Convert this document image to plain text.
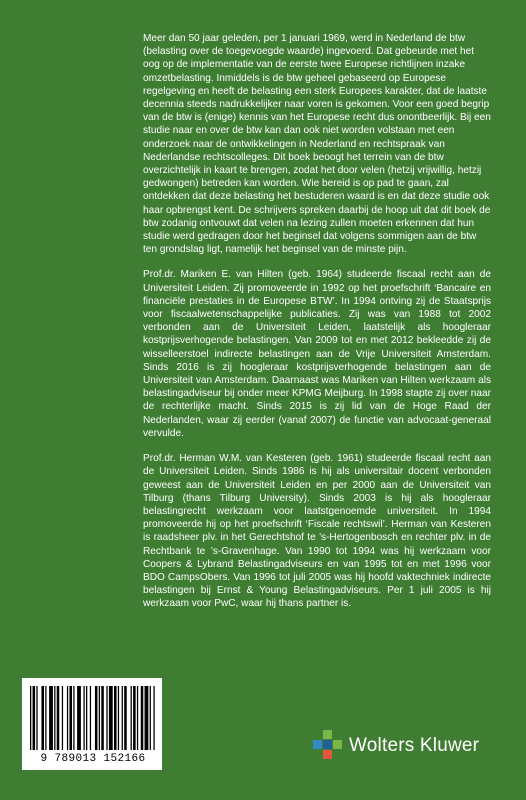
Meer dan 50 jaar geleden, per 1 januari 1969, werd in Nederland de btw (belasting over de toegevoegde waarde) ingevoerd. Dat gebeurde met het oog op de implementatie van de eerste twee Europese richtlijnen inzake omzetbelasting. Inmiddels is de btw geheel gebaseerd op Europese regelgeving en heeft de belasting een sterk Europees karakter, dat de laatste decennia steeds nadrukkelijker naar voren is gekomen. Voor een goed begrip van de btw is (enige) kennis van het Europese recht dus onontbeerlijk. Bij een studie naar en over de btw kan dan ook niet worden volstaan met een onderzoek naar de ontwikkelingen in Nederland en rechtspraak van Nederlandse rechtscolleges. Dit boek beoogt het terrein van de btw overzichtelijk in kaart te brengen, zodat het door velen (hetzij vrijwillig, hetzij gedwongen) betreden kan worden. Wie bereid is op pad te gaan, zal ontdekken dat deze belasting het bestuderen waard is en dat deze studie ook haar opbrengst kent. De schrijvers spreken daarbij de hoop uit dat dit boek de btw zodanig ontvouwt dat velen na lezing zullen moeten erkennen dat hun studie werd gedragen door het beginsel dat volgens sommigen aan de btw ten grondslag ligt, namelijk het beginsel van de minste pijn.

Prof.dr. Mariken E. van Hilten (geb. 1964) studeerde fiscaal recht aan de Universiteit Leiden. Zij promoveerde in 1992 op het proefschrift ‘Bancaire en financiële prestaties in de Europese BTW’. In 1994 ontving zij de Staatsprijs voor fiscaalwetenschappelijke publicaties. Zij was van 1988 tot 2002 verbonden aan de Universiteit Leiden, laatstelijk als hoogleraar kostprijsverhogende belastingen. Van 2009 tot en met 2012 bekleedde zij de wisselleerstoel indirecte belastingen aan de Vrije Universiteit Amsterdam. Sinds 2016 is zij hoogleraar kostprijsverhogende belastingen aan de Universiteit van Amsterdam. Daarnaast was Mariken van Hilten werkzaam als belastingadviseur bij onder meer KPMG Meijburg. In 1998 stapte zij over naar de rechterlijke macht. Sinds 2015 is zij lid van de Hoge Raad der Nederlanden, waar zij eerder (vanaf 2007) de functie van advocaat-generaal vervulde.

Prof.dr. Herman W.M. van Kesteren (geb. 1961) studeerde fiscaal recht aan de Universiteit Leiden. Sinds 1986 is hij als universitair docent verbonden geweest aan de Universiteit Leiden en per 2000 aan de Universiteit van Tilburg (thans Tilburg University). Sinds 2003 is hij als hoogleraar belastingrecht werkzaam voor laatstgenoemde universiteit. In 1994 promoveerde hij op het proefschrift ‘Fiscale rechtswil’. Herman van Kesteren is raadsheer plv. in het Gerechtshof te ’s-Hertogenbosch en rechter plv. in de Rechtbank te ’s-Gravenhage. Van 1990 tot 1994 was hij werkzaam voor Coopers & Lybrand Belastingadviseurs en van 1995 tot en met 1996 voor BDO CampsObers. Van 1996 tot juli 2005 was hij hoofd vaktechniek indirecte belastingen bij Ernst & Young Belastingadviseurs. Per 1 juli 2005 is hij werkzaam voor PwC, waar hij thans partner is.

9 789013 152166
Wolters Kluwer
